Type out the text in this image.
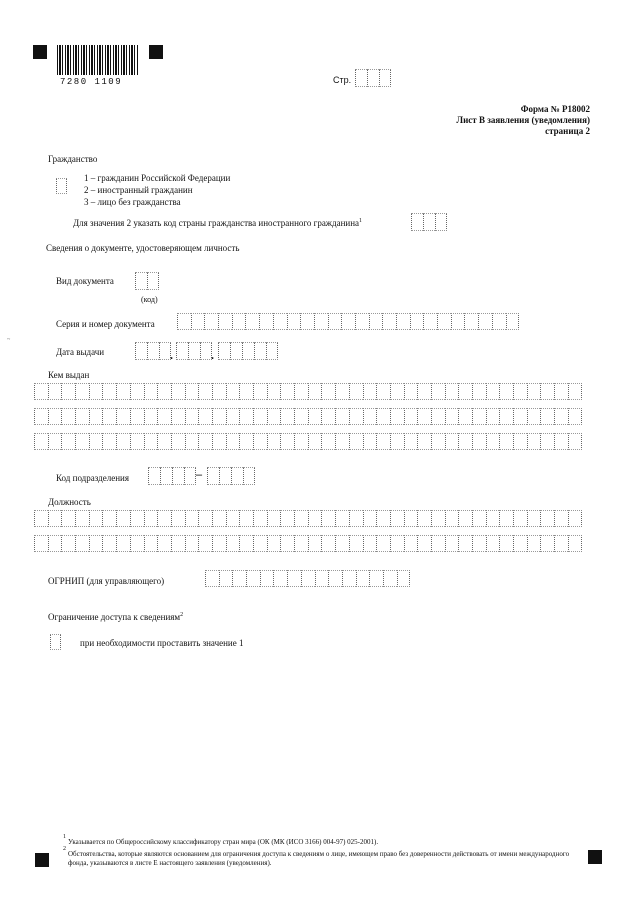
7280 1109	Стр.
Форма № Р18002
Лист В заявления (уведомления)
страница 2
Гражданство
1 – гражданин Российской Федерации
2 – иностранный гражданин
3 – лицо без гражданства
Для значения 2 указать код страны гражданства иностранного гражданина$^1$
Сведения о документе, удостоверяющем личность
Вид документа
(код)
Серия и номер документа
Дата выдачи	.	.
Кем выдан
Код подразделения	–
Должность
ОГРНИП (для управляющего)
Ограничение доступа к сведениям$^2$
при необходимости проставить значение 1
~
1
Указывается по Общероссийскому классификатору стран мира (ОК (МК (ИСО 3166) 004-97) 025-2001).
2
Обстоятельства, которые являются основанием для ограничения доступа к сведениям о лице, имеющем право без доверенности действовать от имени международного фонда, указываются в листе Е настоящего заявления (уведомления).
